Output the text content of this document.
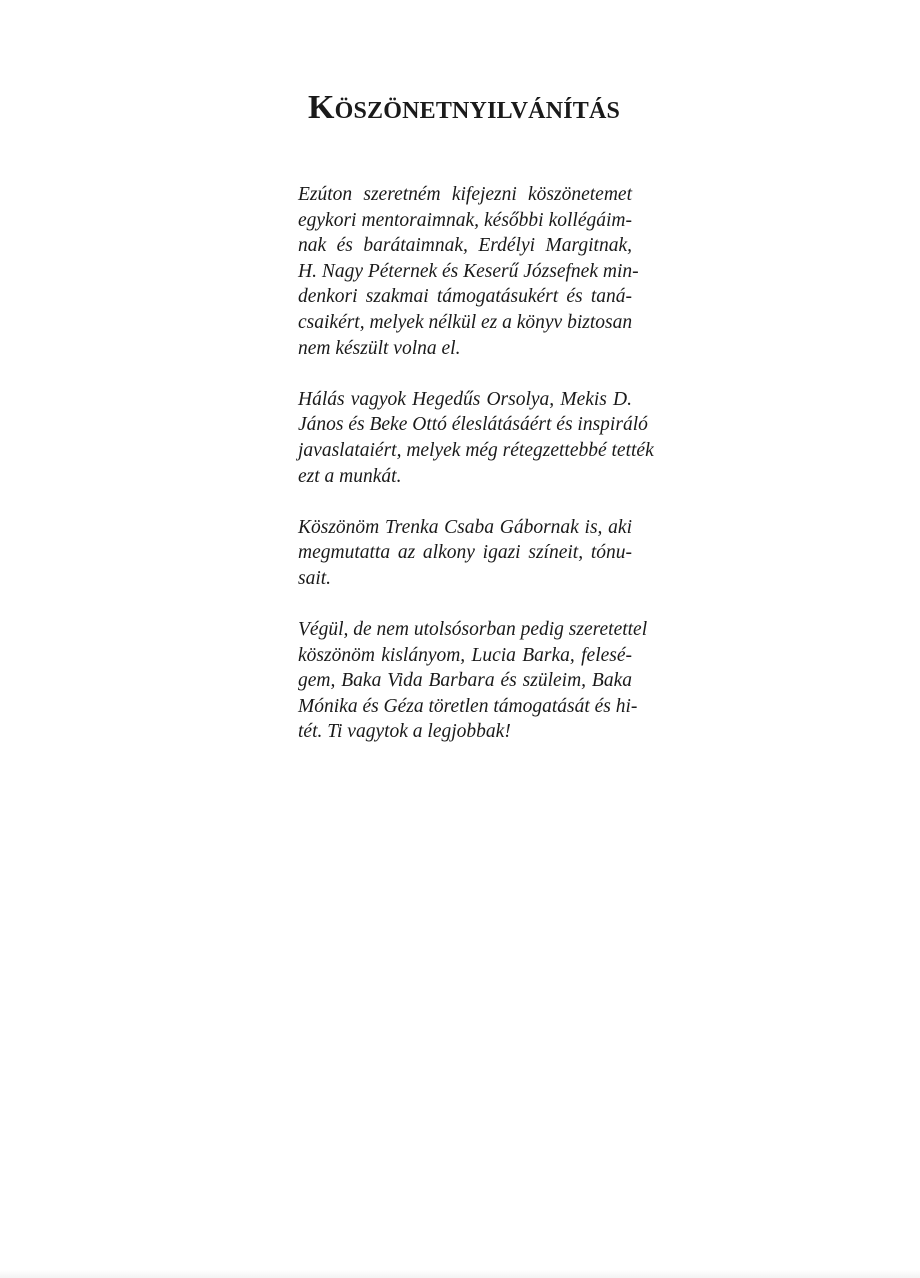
Köszönetnyilvánítás

Ezúton szeretném kifejezni köszönetemet
egykori mentoraimnak, későbbi kollégáim-
nak és barátaimnak, Erdélyi Margitnak,
H. Nagy Péternek és Keserű Józsefnek min-
denkori szakmai támogatásukért és taná-
csaikért, melyek nélkül ez a könyv biztosan
nem készült volna el.

Hálás vagyok Hegedűs Orsolya, Mekis D.
János és Beke Ottó éleslátásáért és inspiráló
javaslataiért, melyek még rétegzettebbé tették
ezt a munkát.

Köszönöm Trenka Csaba Gábornak is, aki
megmutatta az alkony igazi színeit, tónu-
sait.

Végül, de nem utolsósorban pedig szeretettel
köszönöm kislányom, Lucia Barka, felesé-
gem, Baka Vida Barbara és szüleim, Baka
Mónika és Géza töretlen támogatását és hi-
tét. Ti vagytok a legjobbak!
